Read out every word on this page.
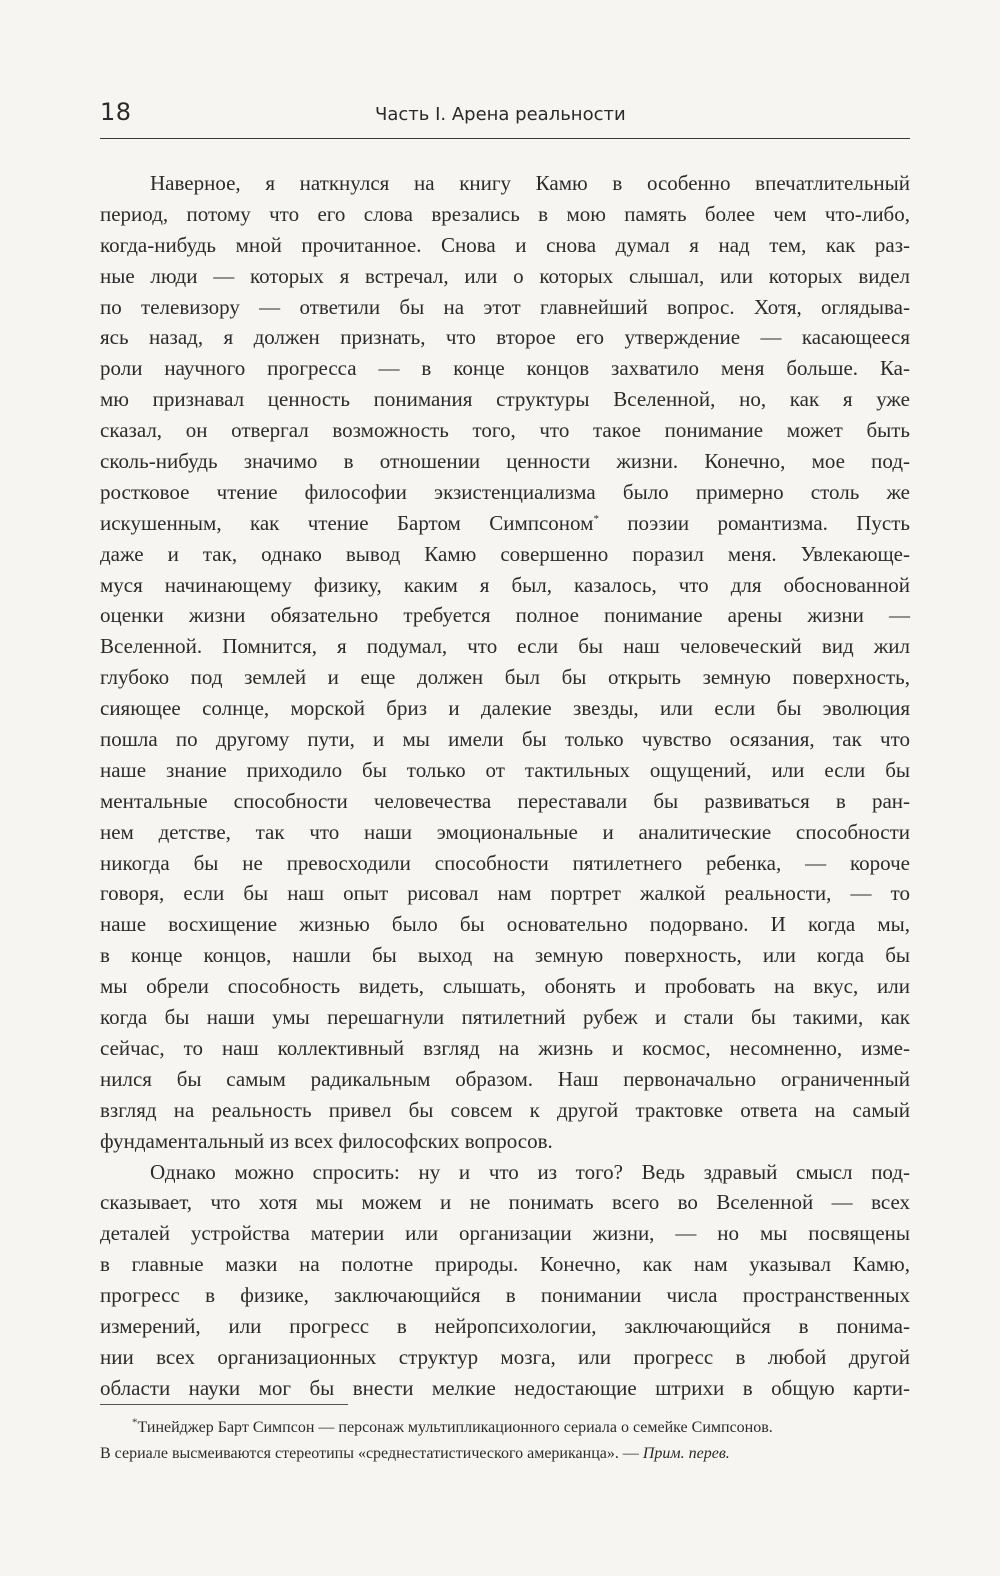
18	Часть I. Арена реальности
Наверное, я наткнулся на книгу Камю в особенно впечатлительный
период, потому что его слова врезались в мою память более чем что-либо,
когда-нибудь мной прочитанное. Снова и снова думал я над тем, как раз-
ные люди — которых я встречал, или о которых слышал, или которых видел
по телевизору — ответили бы на этот главнейший вопрос. Хотя, оглядыва-
ясь назад, я должен признать, что второе его утверждение — касающееся
роли научного прогресса — в конце концов захватило меня больше. Ка-
мю признавал ценность понимания структуры Вселенной, но, как я уже
сказал, он отвергал возможность того, что такое понимание может быть
сколь-нибудь значимо в отношении ценности жизни. Конечно, мое под-
ростковое чтение философии экзистенциализма было примерно столь же
искушенным, как чтение Бартом Симпсоном* поэзии романтизма. Пусть
даже и так, однако вывод Камю совершенно поразил меня. Увлекающе-
муся начинающему физику, каким я был, казалось, что для обоснованной
оценки жизни обязательно требуется полное понимание арены жизни —
Вселенной. Помнится, я подумал, что если бы наш человеческий вид жил
глубоко под землей и еще должен был бы открыть земную поверхность,
сияющее солнце, морской бриз и далекие звезды, или если бы эволюция
пошла по другому пути, и мы имели бы только чувство осязания, так что
наше знание приходило бы только от тактильных ощущений, или если бы
ментальные способности человечества переставали бы развиваться в ран-
нем детстве, так что наши эмоциональные и аналитические способности
никогда бы не превосходили способности пятилетнего ребенка, — короче
говоря, если бы наш опыт рисовал нам портрет жалкой реальности, — то
наше восхищение жизнью было бы основательно подорвано. И когда мы,
в конце концов, нашли бы выход на земную поверхность, или когда бы
мы обрели способность видеть, слышать, обонять и пробовать на вкус, или
когда бы наши умы перешагнули пятилетний рубеж и стали бы такими, как
сейчас, то наш коллективный взгляд на жизнь и космос, несомненно, изме-
нился бы самым радикальным образом. Наш первоначально ограниченный
взгляд на реальность привел бы совсем к другой трактовке ответа на самый
фундаментальный из всех философских вопросов.
Однако можно спросить: ну и что из того? Ведь здравый смысл под-
сказывает, что хотя мы можем и не понимать всего во Вселенной — всех
деталей устройства материи или организации жизни, — но мы посвящены
в главные мазки на полотне природы. Конечно, как нам указывал Камю,
прогресс в физике, заключающийся в понимании числа пространственных
измерений, или прогресс в нейропсихологии, заключающийся в понима-
нии всех организационных структур мозга, или прогресс в любой другой
области науки мог бы внести мелкие недостающие штрихи в общую карти-
*Тинейджер Барт Симпсон — персонаж мультипликационного сериала о семейке Симпсонов.
В сериале высмеиваются стереотипы «среднестатистического американца». — Прим. перев.
